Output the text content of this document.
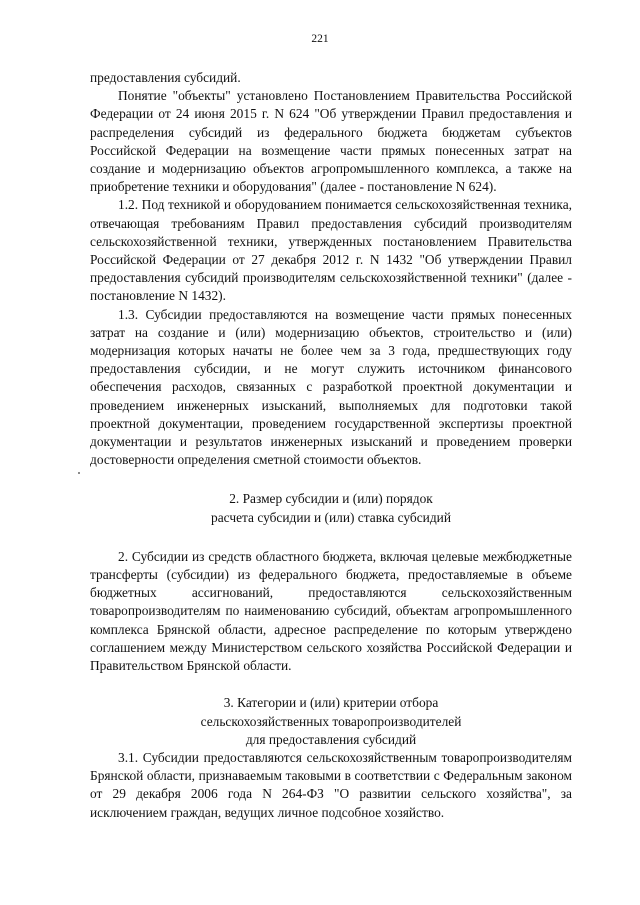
221

предоставления субсидий.

Понятие "объекты" установлено Постановлением Правительства Российской Федерации от 24 июня 2015 г. N 624 "Об утверждении Правил предоставления и распределения субсидий из федерального бюджета бюджетам субъектов Российской Федерации на возмещение части прямых понесенных затрат на создание и модернизацию объектов агропромышленного комплекса, а также на приобретение техники и оборудования" (далее - постановление N 624).

1.2. Под техникой и оборудованием понимается сельскохозяйственная техника, отвечающая требованиям Правил предоставления субсидий производителям сельскохозяйственной техники, утвержденных постановлением Правительства Российской Федерации от 27 декабря 2012 г. N 1432 "Об утверждении Правил предоставления субсидий производителям сельскохозяйственной техники" (далее - постановление N 1432).

1.3. Субсидии предоставляются на возмещение части прямых понесенных затрат на создание и (или) модернизацию объектов, строительство и (или) модернизация которых начаты не более чем за 3 года, предшествующих году предоставления субсидии, и не могут служить источником финансового обеспечения расходов, связанных с разработкой проектной документации и проведением инженерных изысканий, выполняемых для подготовки такой проектной документации, проведением государственной экспертизы проектной документации и результатов инженерных изысканий и проведением проверки достоверности определения сметной стоимости объектов.

2. Размер субсидии и (или) порядок

расчета субсидии и (или) ставка субсидий

2. Субсидии из средств областного бюджета, включая целевые межбюджетные трансферты (субсидии) из федерального бюджета, предоставляемые в объеме бюджетных ассигнований, предоставляются сельскохозяйственным товаропроизводителям по наименованию субсидий, объектам агропромышленного комплекса Брянской области, адресное распределение по которым утверждено соглашением между Министерством сельского хозяйства Российской Федерации и Правительством Брянской области.

3. Категории и (или) критерии отбора

сельскохозяйственных товаропроизводителей

для предоставления субсидий

3.1. Субсидии предоставляются сельскохозяйственным товаропроизводителям Брянской области, признаваемым таковыми в соответствии с Федеральным законом от 29 декабря 2006 года N 264-ФЗ "О развитии сельского хозяйства", за исключением граждан, ведущих личное подсобное хозяйство.
